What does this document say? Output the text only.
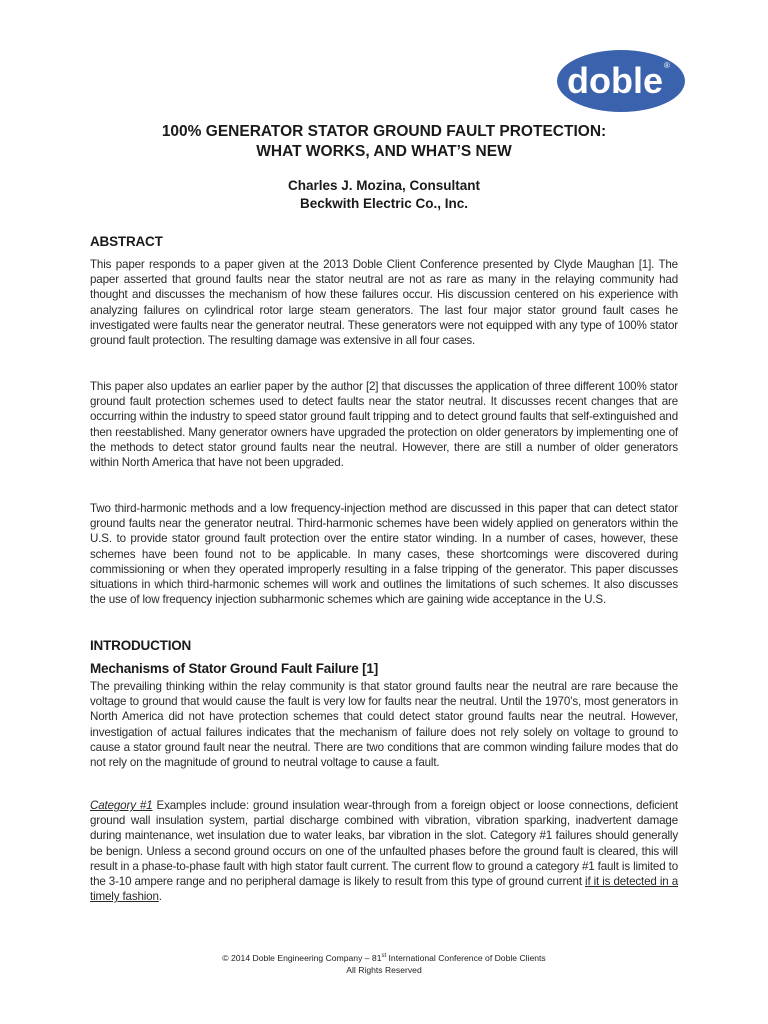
doble ®
100% GENERATOR STATOR GROUND FAULT PROTECTION:
WHAT WORKS, AND WHAT’S NEW
Charles J. Mozina, Consultant
Beckwith Electric Co., Inc.
ABSTRACT

This paper responds to a paper given at the 2013 Doble Client Conference presented by Clyde Maughan [1]. The paper asserted that ground faults near the stator neutral are not as rare as many in the relaying community had thought and discusses the mechanism of how these failures occur. His discussion centered on his experience with analyzing failures on cylindrical rotor large steam generators. The last four major stator ground fault cases he investigated were faults near the generator neutral. These generators were not equipped with any type of 100% stator ground fault protection. The resulting damage was extensive in all four cases.

This paper also updates an earlier paper by the author [2] that discusses the application of three different 100% stator ground fault protection schemes used to detect faults near the stator neutral. It discusses recent changes that are occurring within the industry to speed stator ground fault tripping and to detect ground faults that self-extinguished and then reestablished. Many generator owners have upgraded the protection on older generators by implementing one of the methods to detect stator ground faults near the neutral. However, there are still a number of older generators within North America that have not been upgraded.

Two third-harmonic methods and a low frequency-injection method are discussed in this paper that can detect stator ground faults near the generator neutral. Third-harmonic schemes have been widely applied on generators within the U.S. to provide stator ground fault protection over the entire stator winding. In a number of cases, however, these schemes have been found not to be applicable. In many cases, these shortcomings were discovered during commissioning or when they operated improperly resulting in a false tripping of the generator. This paper discusses situations in which third-harmonic schemes will work and outlines the limitations of such schemes. It also discusses the use of low frequency injection subharmonic schemes which are gaining wide acceptance in the U.S.

INTRODUCTION
Mechanisms of Stator Ground Fault Failure [1]

The prevailing thinking within the relay community is that stator ground faults near the neutral are rare because the voltage to ground that would cause the fault is very low for faults near the neutral. Until the 1970’s, most generators in North America did not have protection schemes that could detect stator ground faults near the neutral. However, investigation of actual failures indicates that the mechanism of failure does not rely solely on voltage to ground to cause a stator ground fault near the neutral. There are two conditions that are common winding failure modes that do not rely on the magnitude of ground to neutral voltage to cause a fault.

Category #1 Examples include: ground insulation wear-through from a foreign object or loose connections, deficient ground wall insulation system, partial discharge combined with vibration, vibration sparking, inadvertent damage during maintenance, wet insulation due to water leaks, bar vibration in the slot. Category #1 failures should generally be benign. Unless a second ground occurs on one of the unfaulted phases before the ground fault is cleared, this will result in a phase-to-phase fault with high stator fault current. The current flow to ground a category #1 fault is limited to the 3-10 ampere range and no peripheral damage is likely to result from this type of ground current if it is detected in a timely fashion.

© 2014 Doble Engineering Company – 81st International Conference of Doble Clients
All Rights Reserved
